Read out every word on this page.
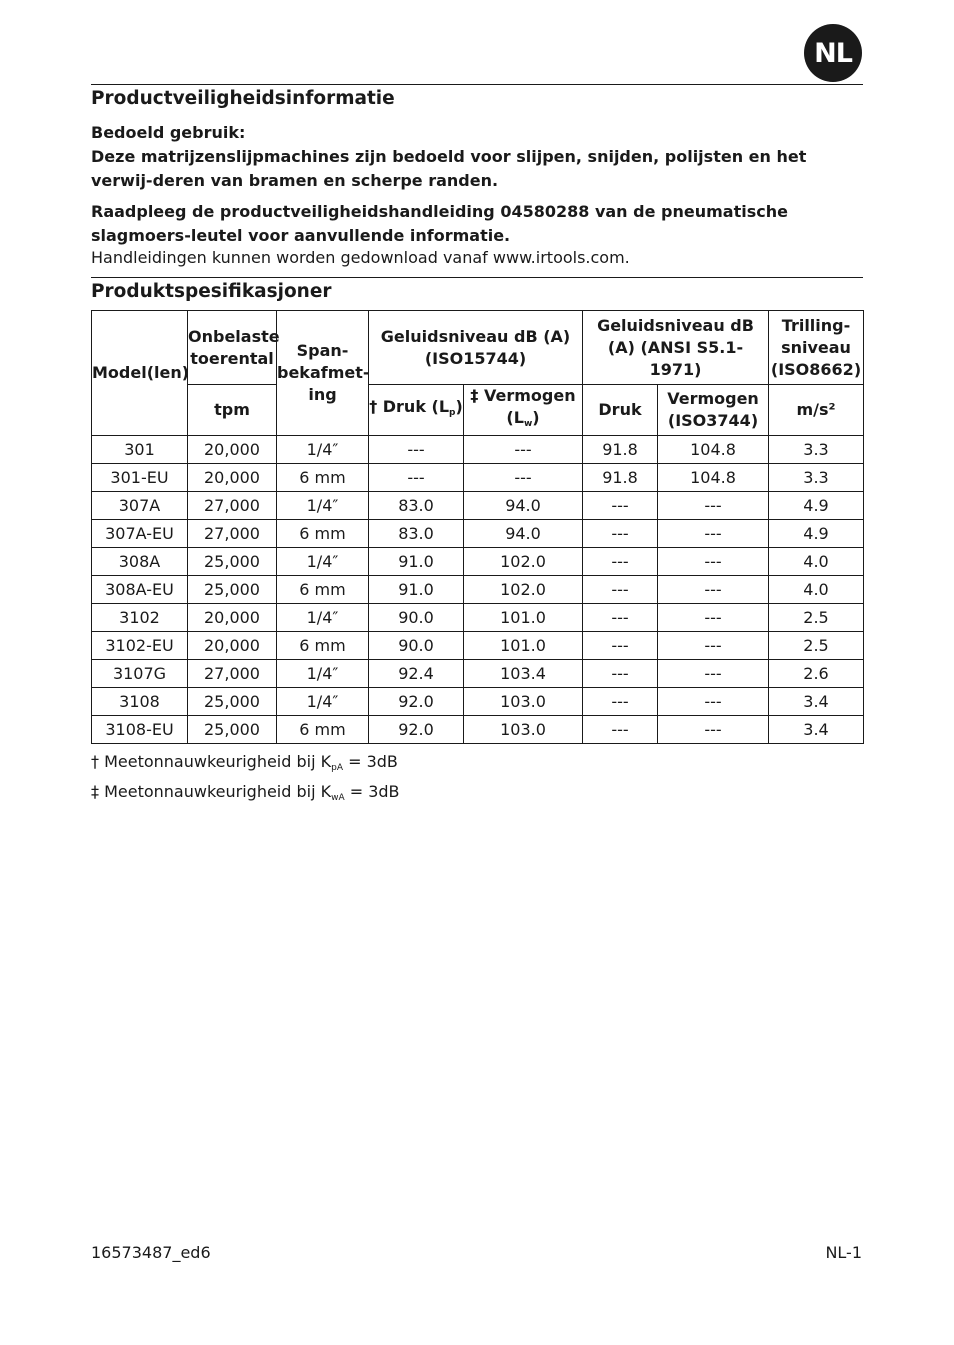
NL
Productveiligheidsinformatie
Bedoeld gebruik:
Deze matrijzenslijpmachines zijn bedoeld voor slijpen, snijden, polijsten en het verwij-deren van bramen en scherpe randen.
Raadpleeg de productveiligheidshandleiding 04580288 van de pneumatische slagmoers-leutel voor aanvullende informatie.
Handleidingen kunnen worden gedownload vanaf www.irtools.com.
Produktspesifikasjoner
Model(len)	Onbelaste toerental	Span-bekafmet-ing	Geluidsniveau dB (A) (ISO15744)		Geluidsniveau dB (A) (ANSI S5.1-1971)		Trilling-sniveau (ISO8662)
	tpm		† Druk $(L_p)$	‡ Vermogen $(L_w)$	Druk	Vermogen (ISO3744)	m/s²
301	20,000	1/4″	---	---	91.8	104.8	3.3
301-EU	20,000	6 mm	---	---	91.8	104.8	3.3
307A	27,000	1/4″	83.0	94.0	---	---	4.9
307A-EU	27,000	6 mm	83.0	94.0	---	---	4.9
308A	25,000	1/4″	91.0	102.0	---	---	4.0
308A-EU	25,000	6 mm	91.0	102.0	---	---	4.0
3102	20,000	1/4″	90.0	101.0	---	---	2.5
3102-EU	20,000	6 mm	90.0	101.0	---	---	2.5
3107G	27,000	1/4″	92.4	103.4	---	---	2.6
3108	25,000	1/4″	92.0	103.0	---	---	3.4
3108-EU	25,000	6 mm	92.0	103.0	---	---	3.4
† Meetonnauwkeurigheid bij $K_{pA} = 3dB$
‡ Meetonnauwkeurigheid bij $K_{wA} = 3dB$
16573487_ed6	NL-1
